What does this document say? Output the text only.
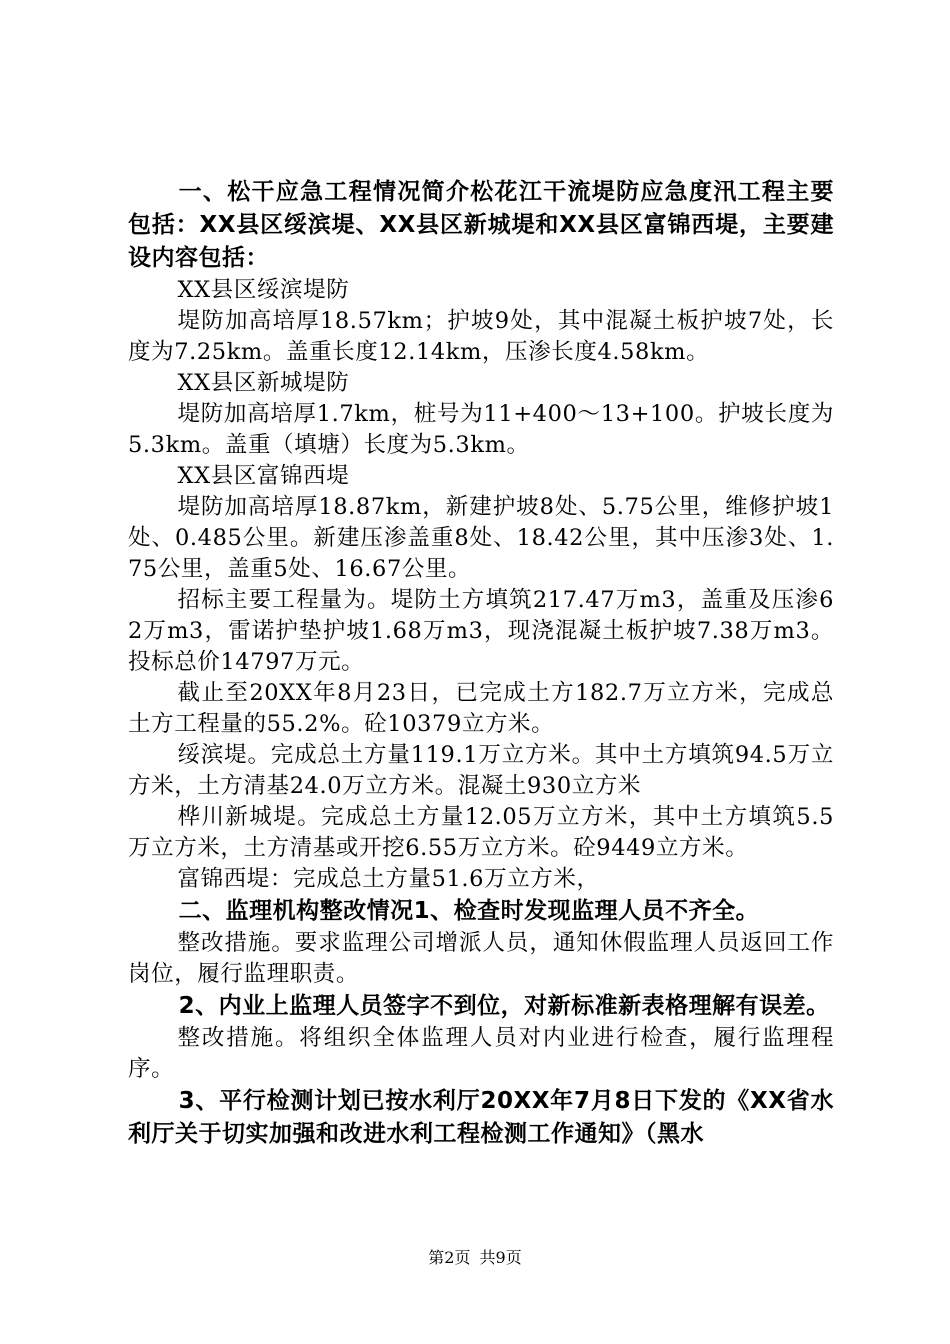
一、松干应急工程情况简介松花江干流堤防应急度汛工程主要包括：XX县区绥滨堤、XX县区新城堤和XX县区富锦西堤，主要建设内容包括：

XX县区绥滨堤防

堤防加高培厚18.57km；护坡9处，其中混凝土板护坡7处，长度为7.25km。盖重长度12.14km，压渗长度4.58km。

XX县区新城堤防

堤防加高培厚1.7km，桩号为11+400～13+100。护坡长度为5.3km。盖重（填塘）长度为5.3km。

XX县区富锦西堤

堤防加高培厚18.87km，新建护坡8处、5.75公里，维修护坡1处、0.485公里。新建压渗盖重8处、18.42公里，其中压渗3处、1.75公里，盖重5处、16.67公里。

招标主要工程量为。堤防土方填筑217.47万m3，盖重及压渗62万m3，雷诺护垫护坡1.68万m3，现浇混凝土板护坡7.38万m3。投标总价14797万元。

截止至20XX年8月23日，已完成土方182.7万立方米，完成总土方工程量的55.2%。砼10379立方米。

绥滨堤。完成总土方量119.1万立方米。其中土方填筑94.5万立方米，土方清基24.0万立方米。混凝土930立方米

桦川新城堤。完成总土方量12.05万立方米，其中土方填筑5.5万立方米，土方清基或开挖6.55万立方米。砼9449立方米。

富锦西堤：完成总土方量51.6万立方米，

二、监理机构整改情况1、检查时发现监理人员不齐全。

整改措施。要求监理公司增派人员，通知休假监理人员返回工作岗位，履行监理职责。

2、内业上监理人员签字不到位，对新标准新表格理解有误差。

整改措施。将组织全体监理人员对内业进行检查，履行监理程序。

3、平行检测计划已按水利厅20XX年7月8日下发的《XX省水利厅关于切实加强和改进水利工程检测工作通知》（黑水

第2页 共9页
